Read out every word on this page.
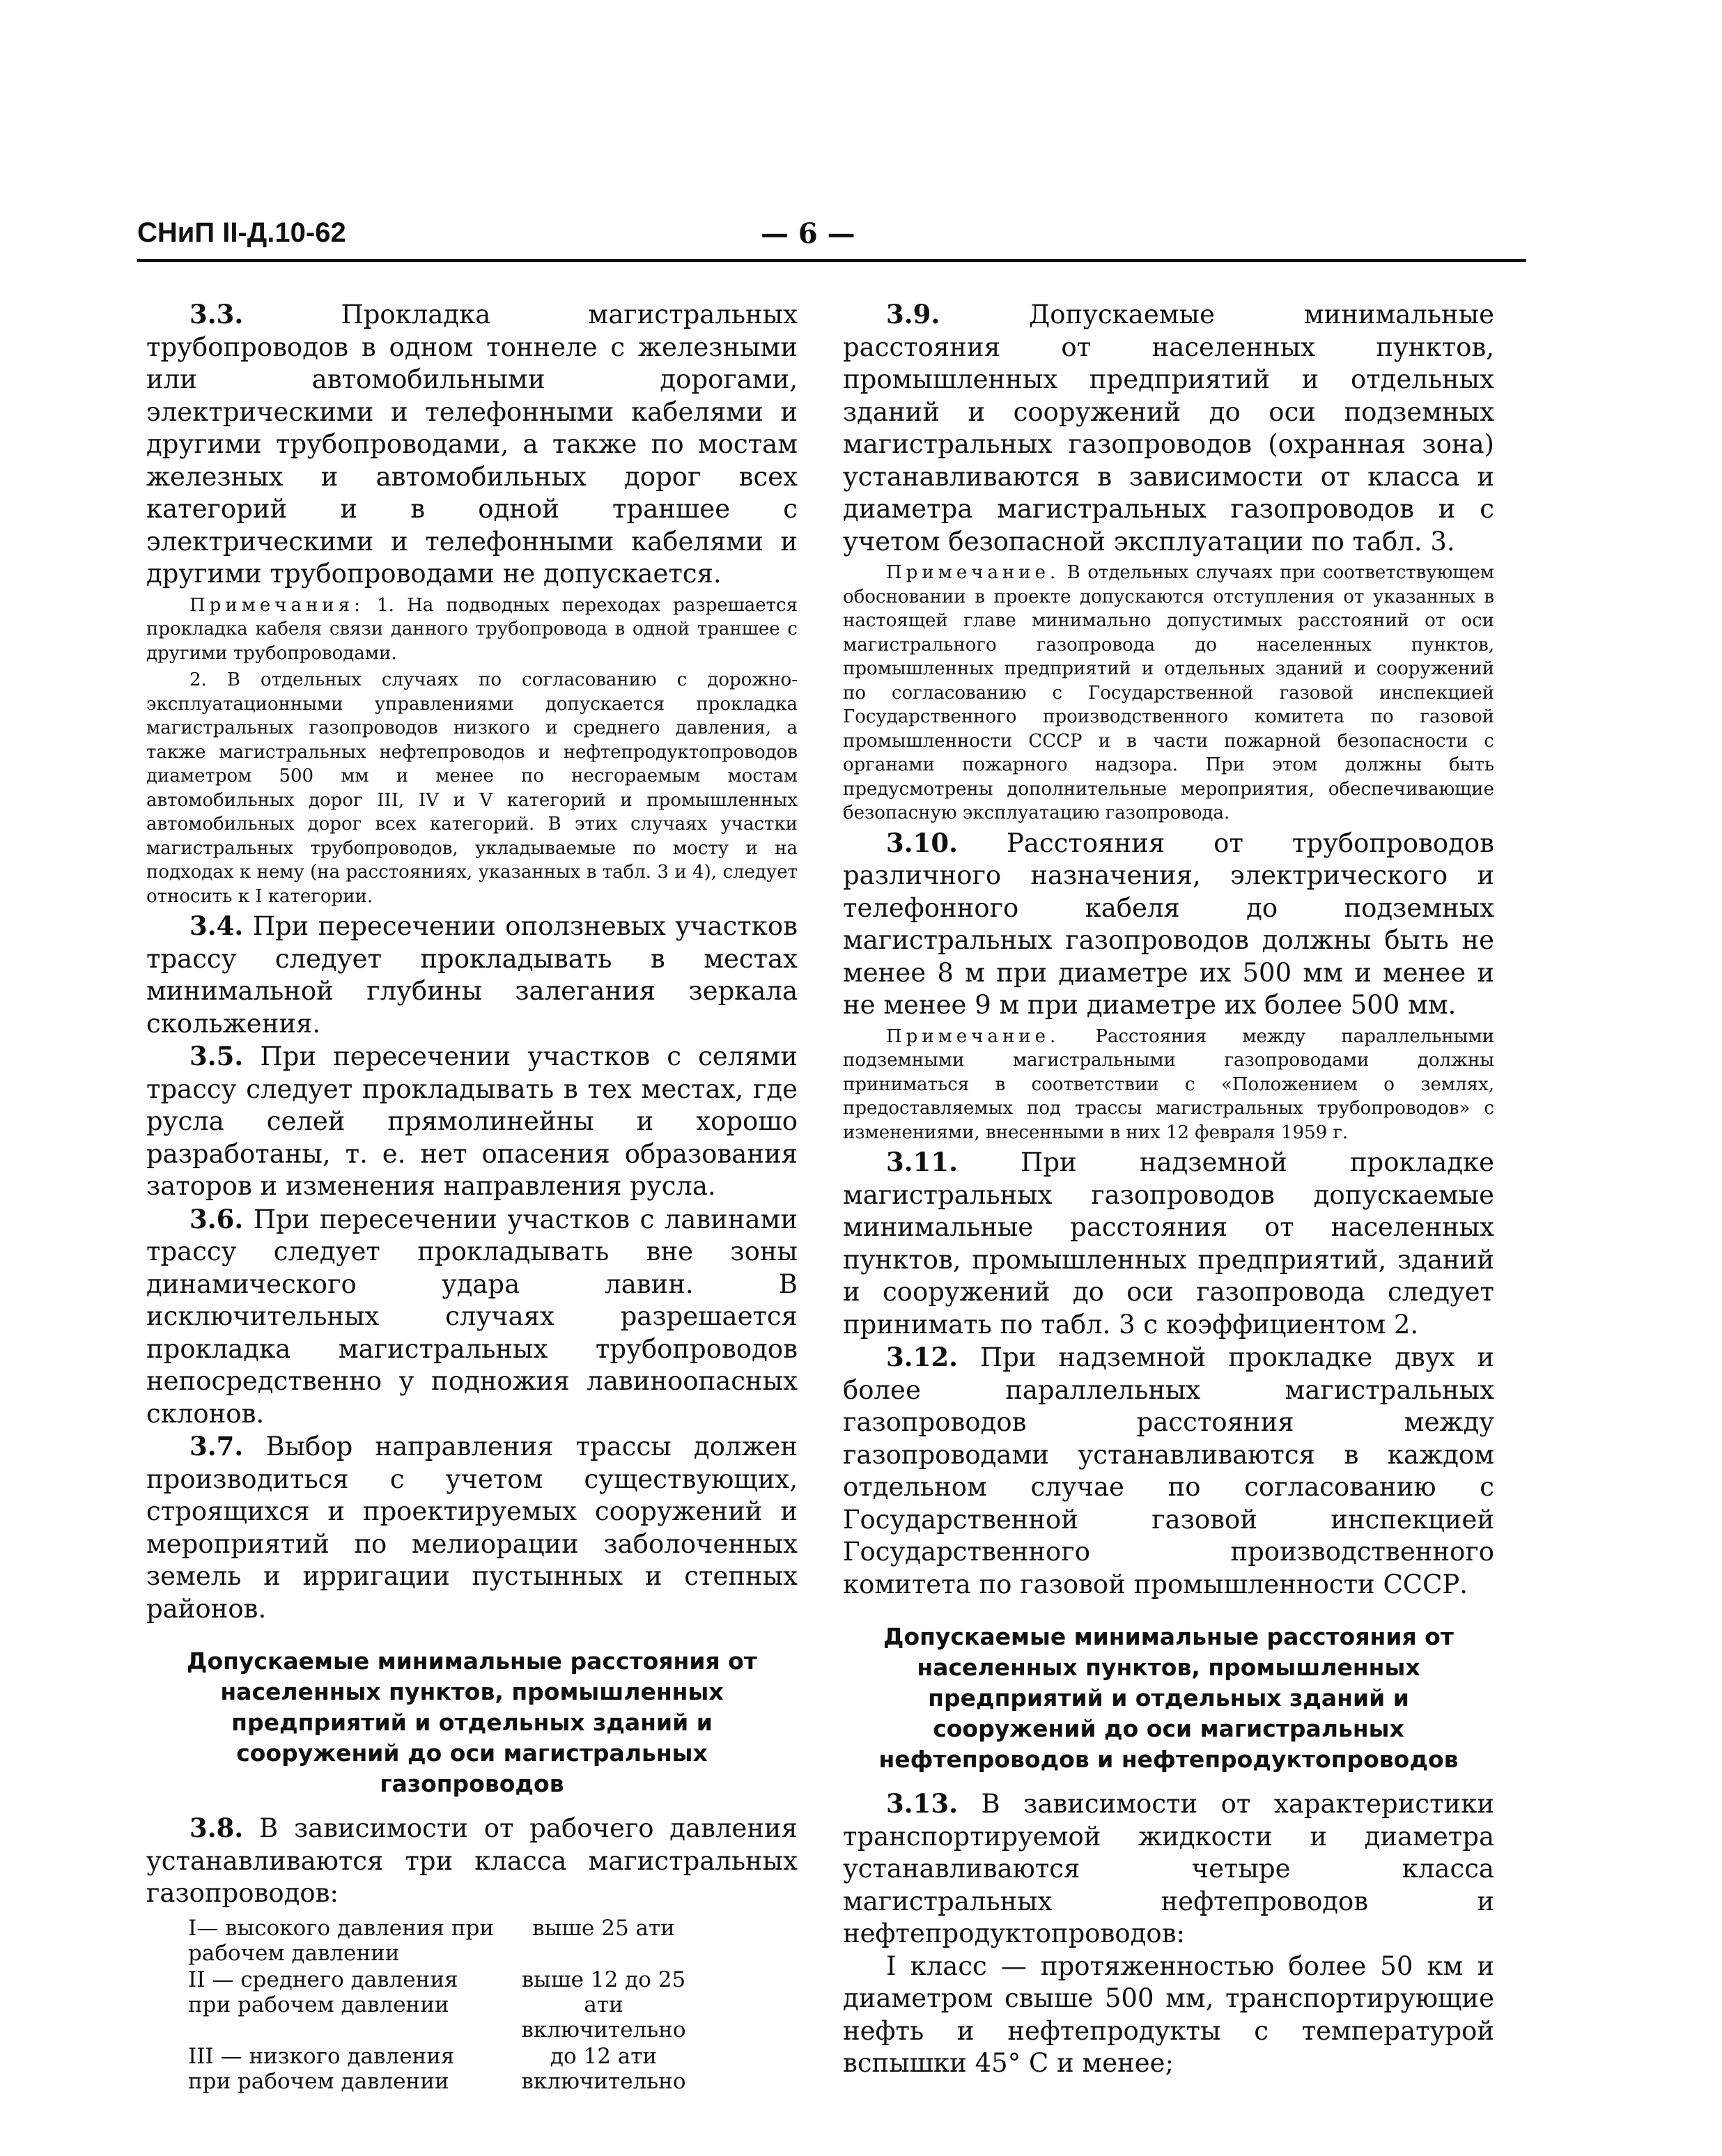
СНиП II-Д.10-62	— 6 —

3.3.	Прокладка магистральных трубопроводов в одном тоннеле с железными или автомобильными дорогами, электрическими и телефонными кабелями и другими трубопроводами, а также по мостам железных и автомобильных дорог всех категорий и в одной траншее с электрическими и телефонными кабелями и другими трубопроводами не допускается.

Примечания: 1. На подводных переходах разрешается прокладка кабеля связи данного трубопровода в одной траншее с другими трубопроводами.

2. В отдельных случаях по согласованию с дорожно-эксплуатационными управлениями допускается прокладка магистральных газопроводов низкого и среднего давления, а также магистральных нефтепроводов и нефтепродуктопроводов диаметром 500 мм и менее по несгораемым мостам автомобильных дорог III, IV и V категорий и промышленных автомобильных дорог всех категорий. В этих случаях участки магистральных трубопроводов, укладываемые по мосту и на подходах к нему (на расстояниях, указанных в табл. 3 и 4), следует относить к I категории.

3.4. При пересечении оползневых участков трассу следует прокладывать в местах минимальной глубины залегания зеркала скольжения.

3.5. При пересечении участков с селями трассу следует прокладывать в тех местах, где русла селей прямолинейны и хорошо разработаны, т. е. нет опасения образования заторов и изменения направления русла.

3.6. При пересечении участков с лавинами трассу следует прокладывать вне зоны динамического удара лавин. В исключительных случаях разрешается прокладка магистральных трубопроводов непосредственно у подножия лавиноопасных склонов.

3.7. Выбор направления трассы должен производиться с учетом существующих, строящихся и проектируемых сооружений и мероприятий по мелиорации заболоченных земель и ирригации пустынных и степных районов.

Допускаемые минимальные расстояния от населенных пунктов, промышленных предприятий и отдельных зданий и сооружений до оси магистральных газопроводов

3.8. В зависимости от рабочего давления устанавливаются три класса магистральных газопроводов:

I— высокого давления при рабочем давлении	выше 25 ати
II — среднего давления при рабочем давлении	выше 12 до 25 ати включительно
III — низкого давления при рабочем давлении	до 12 ати включительно

3.9.	Допускаемые минимальные расстояния от населенных пунктов, промышленных предприятий и отдельных зданий и сооружений до оси подземных магистральных газопроводов (охранная зона) устанавливаются в зависимости от класса и диаметра магистральных газопроводов и с учетом безопасной эксплуатации по табл. 3.

Примечание. В отдельных случаях при соответствующем обосновании в проекте допускаются отступления от указанных в настоящей главе минимально допустимых расстояний от оси магистрального газопровода до населенных пунктов, промышленных предприятий и отдельных зданий и сооружений по согласованию с Государственной газовой инспекцией Государственного производственного комитета по газовой промышленности СССР и в части пожарной безопасности с органами пожарного надзора. При этом должны быть предусмотрены дополнительные мероприятия, обеспечивающие безопасную эксплуатацию газопровода.

3.10. Расстояния от трубопроводов различного назначения, электрического и телефонного кабеля до подземных магистральных газопроводов должны быть не менее 8 м при диаметре их 500 мм и менее и не менее 9 м при диаметре их более 500 мм.

Примечание. Расстояния между параллельными подземными магистральными газопроводами должны приниматься в соответствии с «Положением о землях, предоставляемых под трассы магистральных трубопроводов» с изменениями, внесенными в них 12 февраля 1959 г.

3.11. При надземной прокладке магистральных газопроводов допускаемые минимальные расстояния от населенных пунктов, промышленных предприятий, зданий и сооружений до оси газопровода следует принимать по табл. 3 с коэффициентом 2.

3.12. При надземной прокладке двух и более параллельных магистральных газопроводов расстояния между газопроводами устанавливаются в каждом отдельном случае по согласованию с Государственной газовой инспекцией Государственного производственного комитета по газовой промышленности СССР.

Допускаемые минимальные расстояния от населенных пунктов, промышленных предприятий и отдельных зданий и сооружений до оси магистральных нефтепроводов и нефтепродуктопроводов

3.13. В зависимости от характеристики транспортируемой жидкости и диаметра устанавливаются четыре класса магистральных нефтепроводов и нефтепродуктопроводов:

I класс — протяженностью более 50 км и диаметром свыше 500 мм, транспортирующие нефть и нефтепродукты с температурой вспышки 45° С и менее;
